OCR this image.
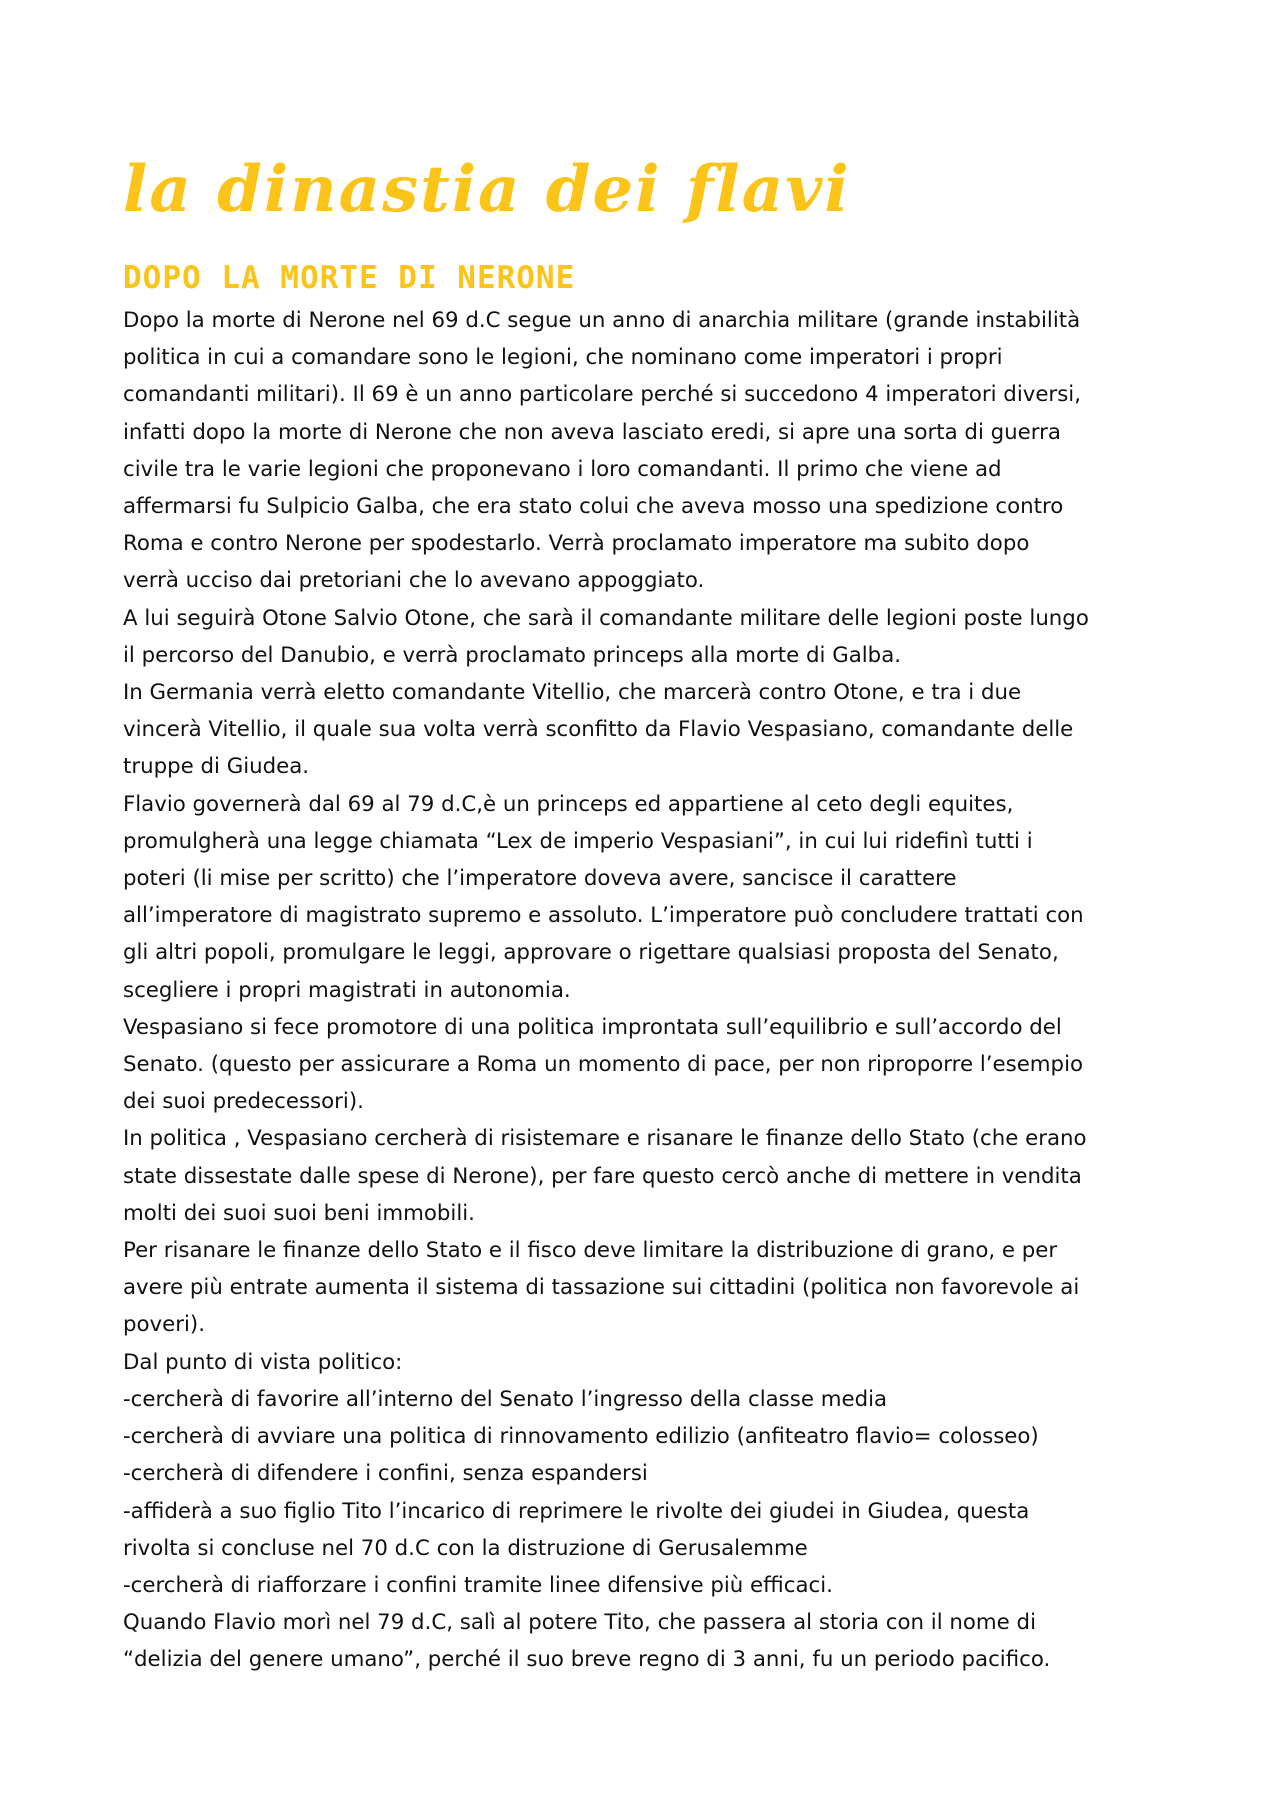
la dinastia dei flavi
DOPO LA MORTE DI NERONE

Dopo la morte di Nerone nel 69 d.C segue un anno di anarchia militare (grande instabilità
politica in cui a comandare sono le legioni, che nominano come imperatori i propri
comandanti militari). Il 69 è un anno particolare perché si succedono 4 imperatori diversi,
infatti dopo la morte di Nerone che non aveva lasciato eredi, si apre una sorta di guerra
civile tra le varie legioni che proponevano i loro comandanti. Il primo che viene ad
affermarsi fu Sulpicio Galba, che era stato colui che aveva mosso una spedizione contro
Roma e contro Nerone per spodestarlo. Verrà proclamato imperatore ma subito dopo
verrà ucciso dai pretoriani che lo avevano appoggiato.
A lui seguirà Otone Salvio Otone, che sarà il comandante militare delle legioni poste lungo
il percorso del Danubio, e verrà proclamato princeps alla morte di Galba.
In Germania verrà eletto comandante Vitellio, che marcerà contro Otone, e tra i due
vincerà Vitellio, il quale sua volta verrà sconfitto da Flavio Vespasiano, comandante delle
truppe di Giudea.
Flavio governerà dal 69 al 79 d.C,è un princeps ed appartiene al ceto degli equites,
promulgherà una legge chiamata “Lex de imperio Vespasiani”, in cui lui ridefinì tutti i
poteri (li mise per scritto) che l’imperatore doveva avere, sancisce il carattere
all’imperatore di magistrato supremo e assoluto. L’imperatore può concludere trattati con
gli altri popoli, promulgare le leggi, approvare o rigettare qualsiasi proposta del Senato,
scegliere i propri magistrati in autonomia.
Vespasiano si fece promotore di una politica improntata sull’equilibrio e sull’accordo del
Senato. (questo per assicurare a Roma un momento di pace, per non riproporre l’esempio
dei suoi predecessori).
In politica , Vespasiano cercherà di risistemare e risanare le finanze dello Stato (che erano
state dissestate dalle spese di Nerone), per fare questo cercò anche di mettere in vendita
molti dei suoi suoi beni immobili.
Per risanare le finanze dello Stato e il fisco deve limitare la distribuzione di grano, e per
avere più entrate aumenta il sistema di tassazione sui cittadini (politica non favorevole ai
poveri).
Dal punto di vista politico:
-cercherà di favorire all’interno del Senato l’ingresso della classe media
-cercherà di avviare una politica di rinnovamento edilizio (anfiteatro flavio= colosseo)
-cercherà di difendere i confini, senza espandersi
-affiderà a suo figlio Tito l’incarico di reprimere le rivolte dei giudei in Giudea, questa
rivolta si concluse nel 70 d.C con la distruzione di Gerusalemme
-cercherà di riafforzare i confini tramite linee difensive più efficaci.
Quando Flavio morì nel 79 d.C, salì al potere Tito, che passera al storia con il nome di
“delizia del genere umano”, perché il suo breve regno di 3 anni, fu un periodo pacifico.
